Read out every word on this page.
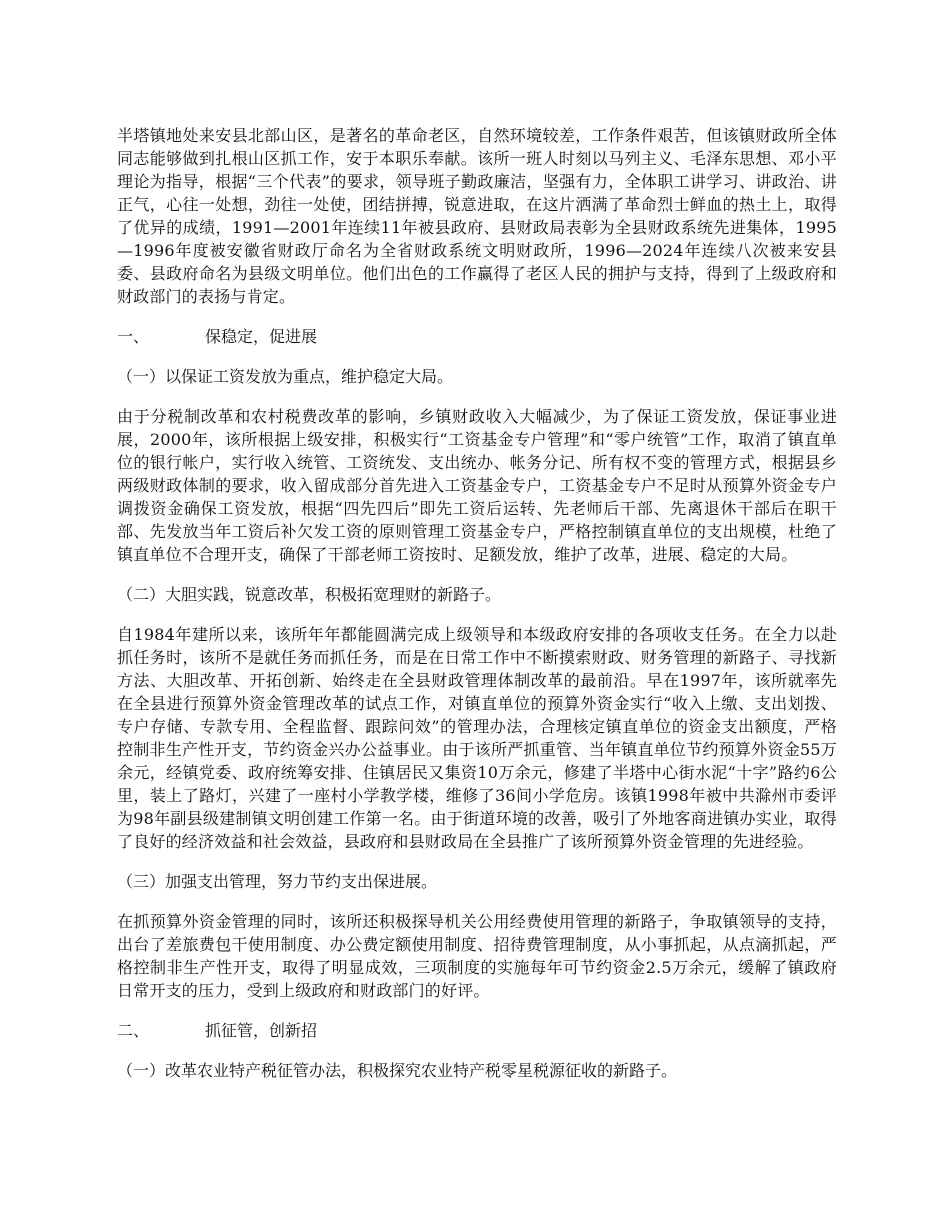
半塔镇地处来安县北部山区，是著名的革命老区，自然环境较差，工作条件艰苦，但该镇财政所全体同志能够做到扎根山区抓工作，安于本职乐奉献。该所一班人时刻以马列主义、毛泽东思想、邓小平理论为指导，根据“三个代表”的要求，领导班子勤政廉洁，坚强有力，全体职工讲学习、讲政治、讲正气，心往一处想，劲往一处使，团结拼搏，锐意进取，在这片洒满了革命烈士鲜血的热土上，取得了优异的成绩，1991—2001年连续11年被县政府、县财政局表彰为全县财政系统先进集体，1995—1996年度被安徽省财政厅命名为全省财政系统文明财政所，1996—2024年连续八次被来安县委、县政府命名为县级文明单位。他们出色的工作赢得了老区人民的拥护与支持，得到了上级政府和财政部门的表扬与肯定。

一、	保稳定，促进展

（一）以保证工资发放为重点，维护稳定大局。

由于分税制改革和农村税费改革的影响，乡镇财政收入大幅减少，为了保证工资发放，保证事业进展，2000年，该所根据上级安排，积极实行“工资基金专户管理”和“零户统管”工作，取消了镇直单位的银行帐户，实行收入统管、工资统发、支出统办、帐务分记、所有权不变的管理方式，根据县乡两级财政体制的要求，收入留成部分首先进入工资基金专户，工资基金专户不足时从预算外资金专户调拨资金确保工资发放，根据“四先四后”即先工资后运转、先老师后干部、先离退休干部后在职干部、先发放当年工资后补欠发工资的原则管理工资基金专户，严格控制镇直单位的支出规模，杜绝了镇直单位不合理开支，确保了干部老师工资按时、足额发放，维护了改革，进展、稳定的大局。

（二）大胆实践，锐意改革，积极拓宽理财的新路子。

自1984年建所以来，该所年年都能圆满完成上级领导和本级政府安排的各项收支任务。在全力以赴抓任务时，该所不是就任务而抓任务，而是在日常工作中不断摸索财政、财务管理的新路子、寻找新方法、大胆改革、开拓创新、始终走在全县财政管理体制改革的最前沿。早在1997年，该所就率先在全县进行预算外资金管理改革的试点工作，对镇直单位的预算外资金实行“收入上缴、支出划拨、专户存储、专款专用、全程监督、跟踪问效”的管理办法，合理核定镇直单位的资金支出额度，严格控制非生产性开支，节约资金兴办公益事业。由于该所严抓重管、当年镇直单位节约预算外资金55万余元，经镇党委、政府统筹安排、住镇居民又集资10万余元，修建了半塔中心街水泥“十字”路约6公里，装上了路灯，兴建了一座村小学教学楼，维修了36间小学危房。该镇1998年被中共滁州市委评为98年副县级建制镇文明创建工作第一名。由于街道环境的改善，吸引了外地客商进镇办实业，取得了良好的经济效益和社会效益，县政府和县财政局在全县推广了该所预算外资金管理的先进经验。

（三）加强支出管理，努力节约支出保进展。

在抓预算外资金管理的同时，该所还积极探导机关公用经费使用管理的新路子，争取镇领导的支持，出台了差旅费包干使用制度、办公费定额使用制度、招待费管理制度，从小事抓起，从点滴抓起，严格控制非生产性开支，取得了明显成效，三项制度的实施每年可节约资金2.5万余元，缓解了镇政府日常开支的压力，受到上级政府和财政部门的好评。

二、	抓征管，创新招

（一）改革农业特产税征管办法，积极探究农业特产税零星税源征收的新路子。
